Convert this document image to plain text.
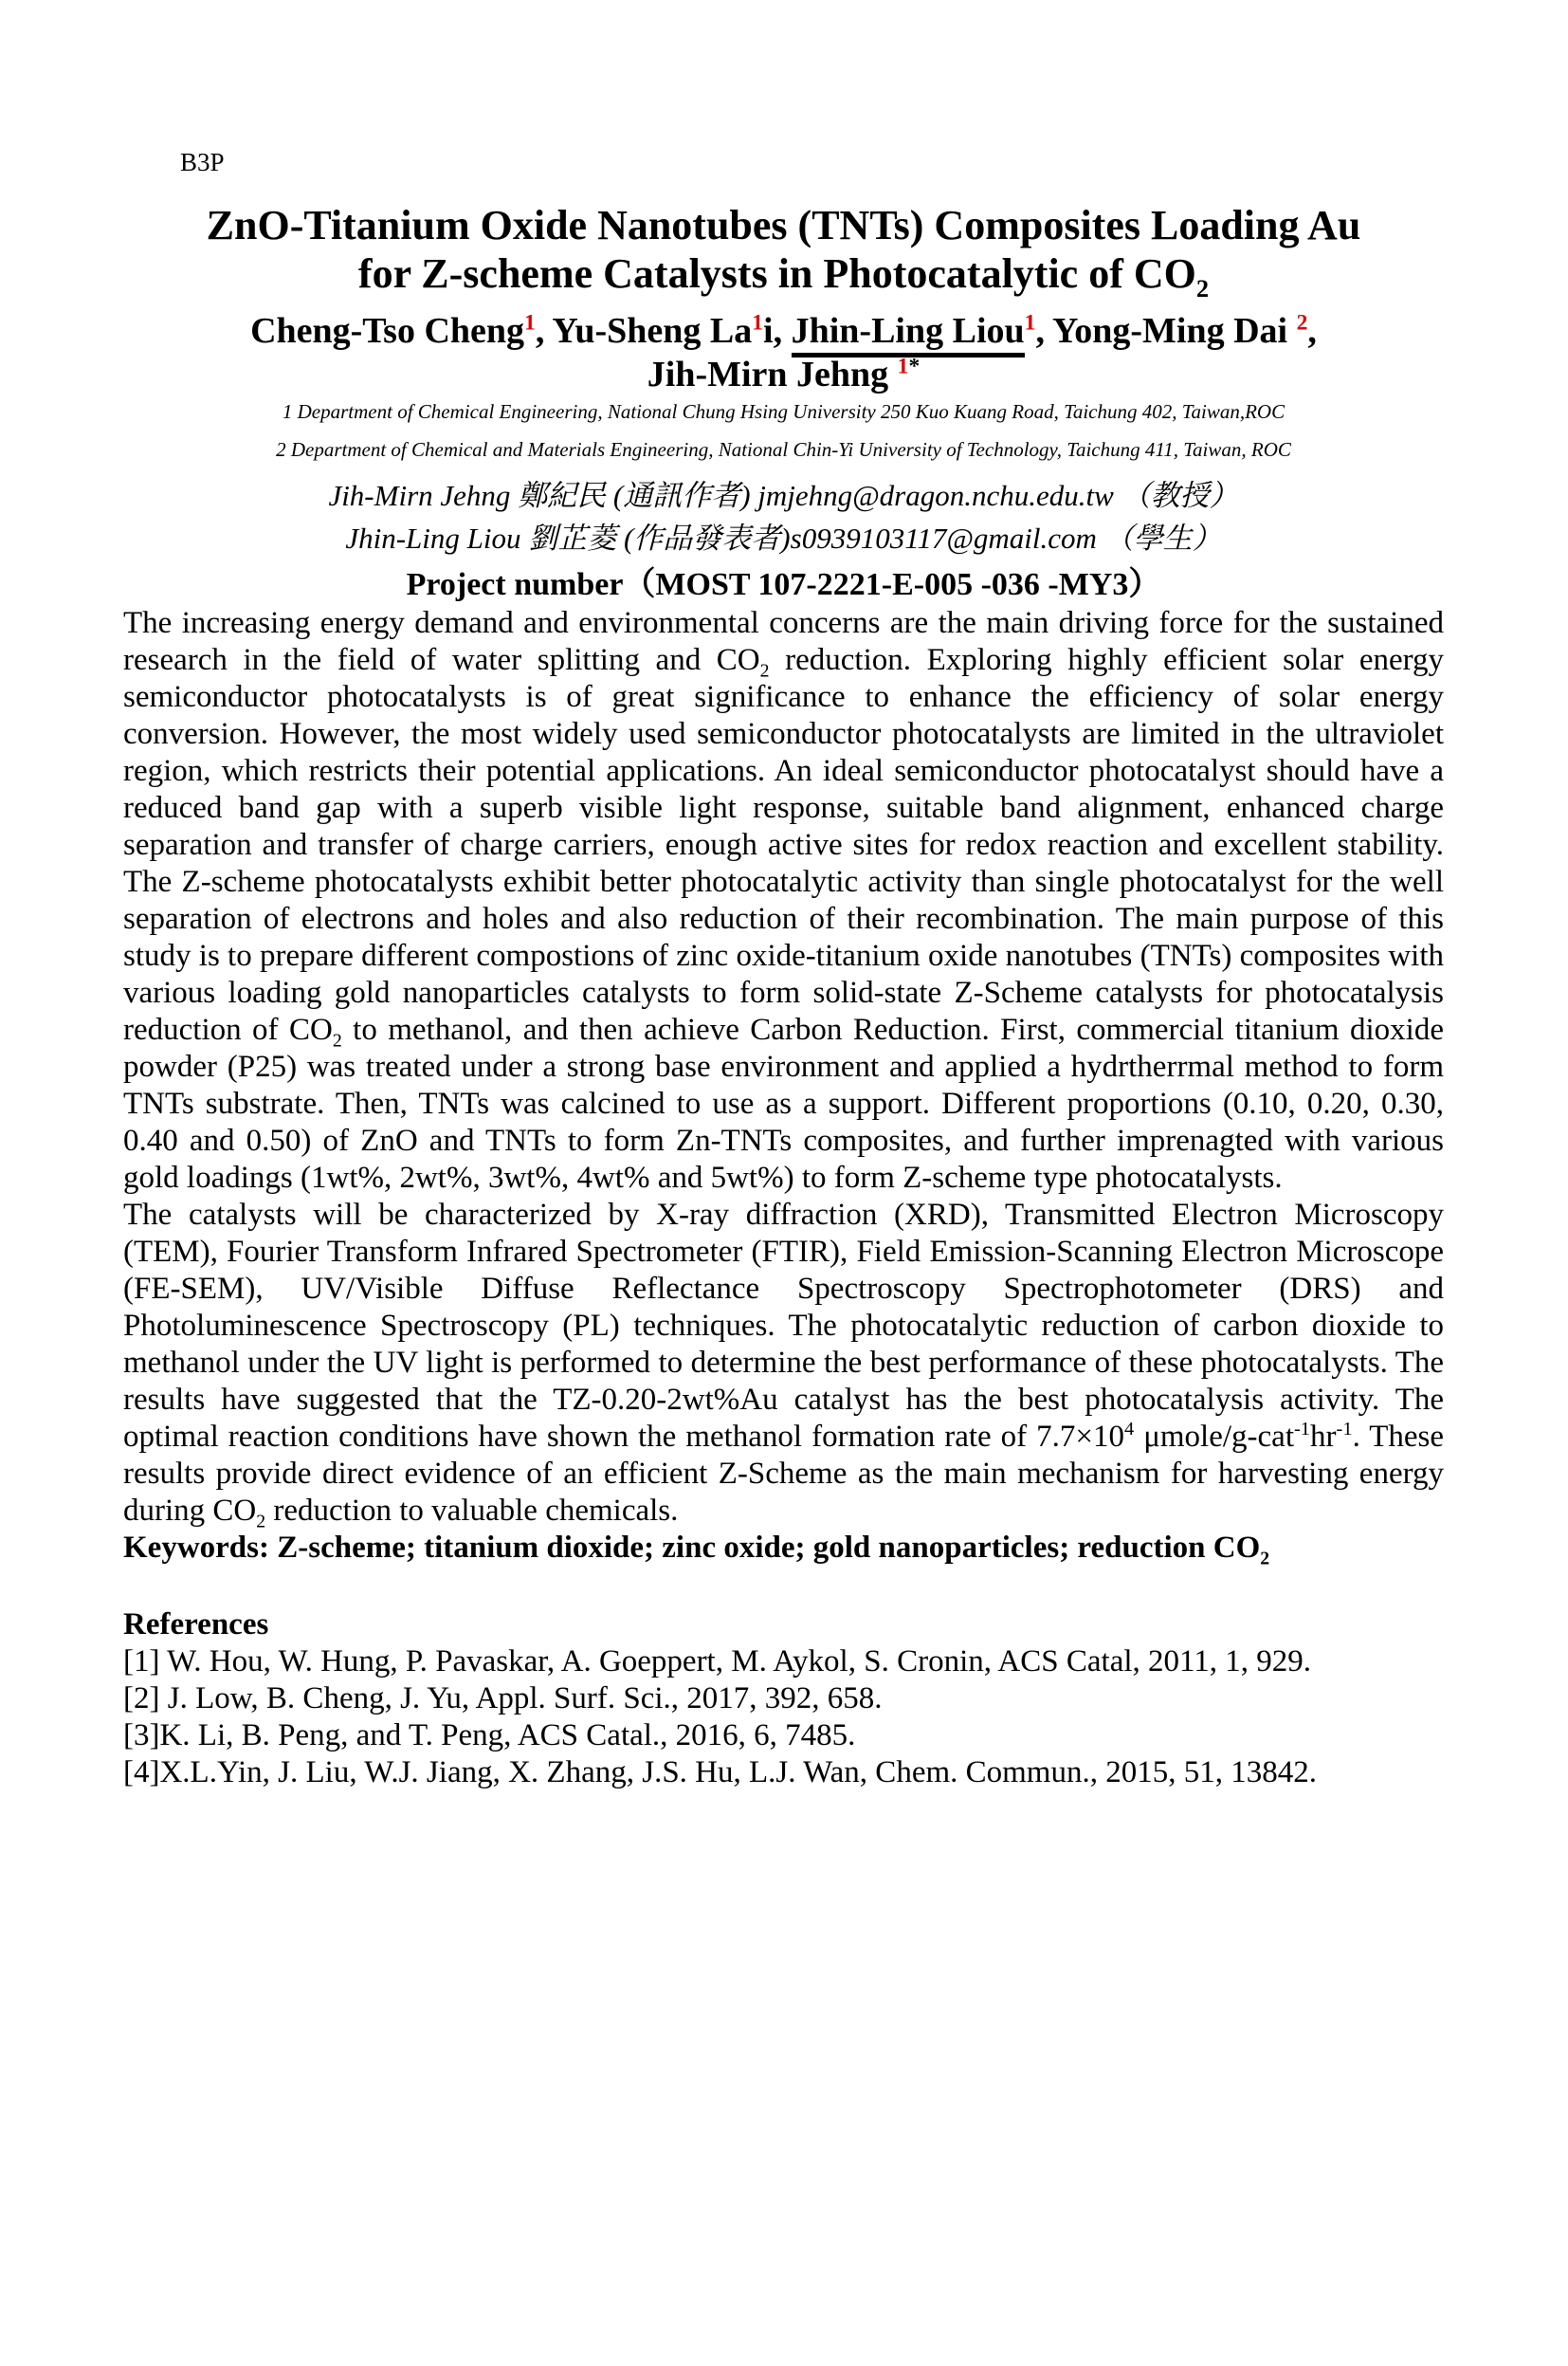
B3P
ZnO-Titanium Oxide Nanotubes (TNTs) Composites Loading Au
for Z-scheme Catalysts in Photocatalytic of $CO_2$
Cheng-Tso Cheng$^1$, Yu-Sheng La$^1$i, Jhin-Ling Liou$^1$, Yong-Ming Dai $^2$,
Jih-Mirn Jehng $^{1*}$
1 Department of Chemical Engineering, National Chung Hsing University 250 Kuo Kuang Road, Taichung 402, Taiwan,ROC
2 Department of Chemical and Materials Engineering, National Chin-Yi University of Technology, Taichung 411, Taiwan, ROC
Jih-Mirn Jehng 鄭紀民 (通訊作者) jmjehng@dragon.nchu.edu.tw （教授）
Jhin-Ling Liou 劉芷菱 (作品發表者)s0939103117@gmail.com （學生）
Project number（MOST 107-2221-E-005 -036 -MY3）
The increasing energy demand and environmental concerns are the main driving force for the sustained research in the field of water splitting and $CO_2$ reduction. Exploring highly efficient solar energy semiconductor photocatalysts is of great significance to enhance the efficiency of solar energy conversion. However, the most widely used semiconductor photocatalysts are limited in the ultraviolet region, which restricts their potential applications. An ideal semiconductor photocatalyst should have a reduced band gap with a superb visible light response, suitable band alignment, enhanced charge separation and transfer of charge carriers, enough active sites for redox reaction and excellent stability. The Z-scheme photocatalysts exhibit better photocatalytic activity than single photocatalyst for the well separation of electrons and holes and also reduction of their recombination. The main purpose of this study is to prepare different compostions of zinc oxide-titanium oxide nanotubes (TNTs) composites with various loading gold nanoparticles catalysts to form solid-state Z-Scheme catalysts for photocatalysis reduction of $CO_2$ to methanol, and then achieve Carbon Reduction. First, commercial titanium dioxide powder (P25) was treated under a strong base environment and applied a hydrtherrmal method to form TNTs substrate. Then, TNTs was calcined to use as a support. Different proportions (0.10, 0.20, 0.30, 0.40 and 0.50) of ZnO and TNTs to form Zn-TNTs composites, and further imprenagted with various gold loadings (1wt%, 2wt%, 3wt%, 4wt% and 5wt%) to form Z-scheme type photocatalysts.
The catalysts will be characterized by X-ray diffraction (XRD), Transmitted Electron Microscopy (TEM), Fourier Transform Infrared Spectrometer (FTIR), Field Emission-Scanning Electron Microscope (FE-SEM), UV/Visible Diffuse Reflectance Spectroscopy Spectrophotometer (DRS) and Photoluminescence Spectroscopy (PL) techniques. The photocatalytic reduction of carbon dioxide to methanol under the UV light is performed to determine the best performance of these photocatalysts. The results have suggested that the TZ-0.20-2wt%Au catalyst has the best photocatalysis activity. The optimal reaction conditions have shown the methanol formation rate of $7.7\times 10^4$ μmole/$g-cat^{-1}hr^{-1}$. These results provide direct evidence of an efficient Z-Scheme as the main mechanism for harvesting energy during $CO_2$ reduction to valuable chemicals.
Keywords: Z-scheme; titanium dioxide; zinc oxide; gold nanoparticles; reduction $CO_2$
References
[1] W. Hou, W. Hung, P. Pavaskar, A. Goeppert, M. Aykol, S. Cronin, ACS Catal, 2011, 1, 929.
[2] J. Low, B. Cheng, J. Yu, Appl. Surf. Sci., 2017, 392, 658.
[3]K. Li, B. Peng, and T. Peng, ACS Catal., 2016, 6, 7485.
[4]X.L.Yin, J. Liu, W.J. Jiang, X. Zhang, J.S. Hu, L.J. Wan, Chem. Commun., 2015, 51, 13842.
